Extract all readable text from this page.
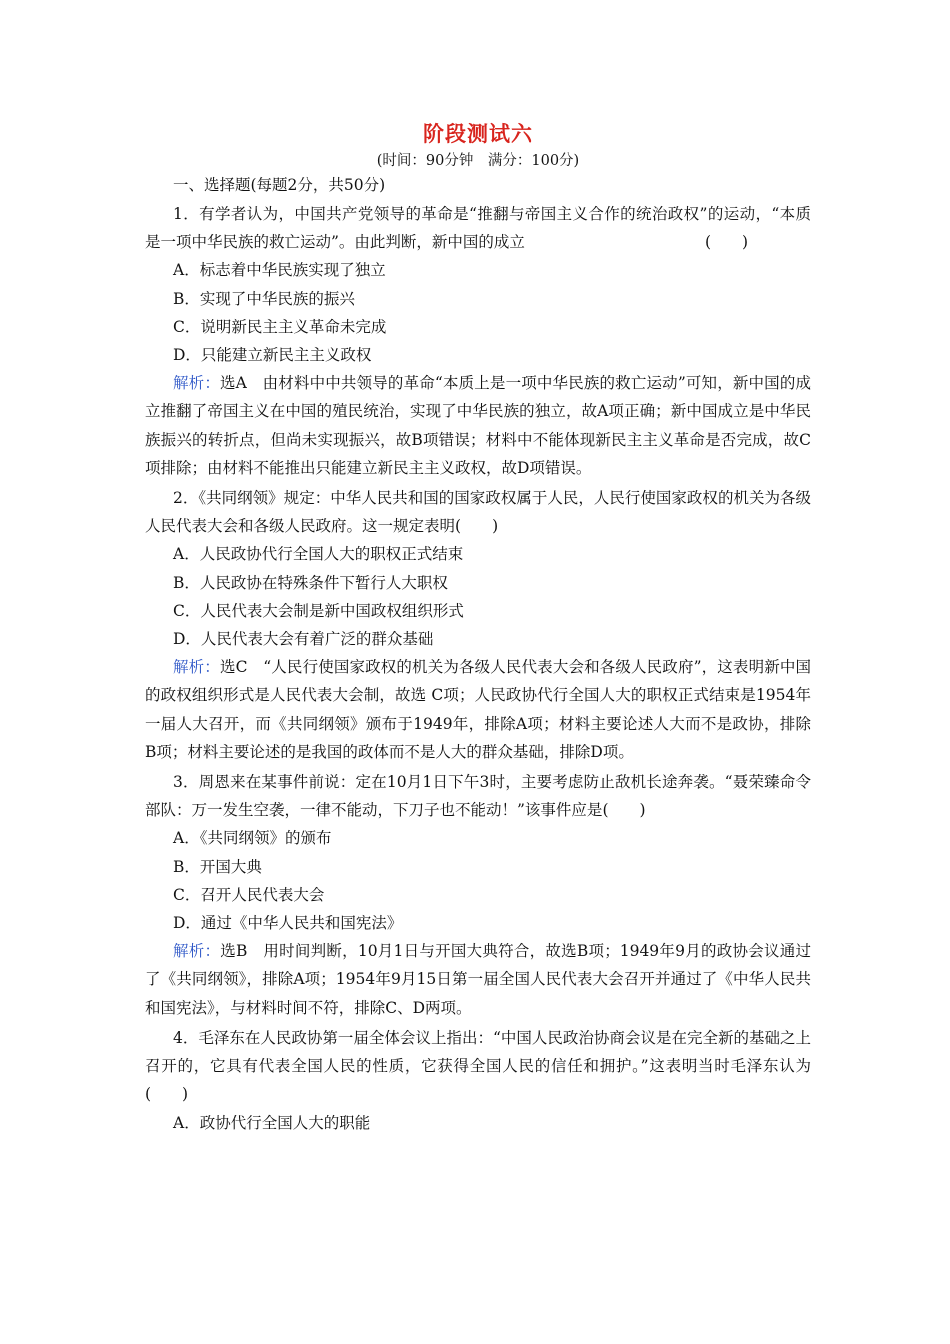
阶段测试六
(时间：90分钟　满分：100分)
一、选择题(每题2分，共50分)
1．有学者认为，中国共产党领导的革命是“推翻与帝国主义合作的统治政权”的运动，“本质是一项中华民族的救亡运动”。由此判断，新中国的成立	(　　)
A．标志着中华民族实现了独立
B．实现了中华民族的振兴
C．说明新民主主义革命未完成
D．只能建立新民主主义政权
解析：选A　由材料中中共领导的革命“本质上是一项中华民族的救亡运动”可知，新中国的成立推翻了帝国主义在中国的殖民统治，实现了中华民族的独立，故A项正确；新中国成立是中华民族振兴的转折点，但尚未实现振兴，故B项错误；材料中不能体现新民主主义革命是否完成，故C项排除；由材料不能推出只能建立新民主主义政权，故D项错误。
2．《共同纲领》规定：中华人民共和国的国家政权属于人民，人民行使国家政权的机关为各级人民代表大会和各级人民政府。这一规定表明(　　)
A．人民政协代行全国人大的职权正式结束
B．人民政协在特殊条件下暂行人大职权
C．人民代表大会制是新中国政权组织形式
D．人民代表大会有着广泛的群众基础
解析：选C　“人民行使国家政权的机关为各级人民代表大会和各级人民政府”，这表明新中国的政权组织形式是人民代表大会制，故选 C项；人民政协代行全国人大的职权正式结束是1954年一届人大召开，而《共同纲领》颁布于1949年，排除A项；材料主要论述人大而不是政协，排除B项；材料主要论述的是我国的政体而不是人大的群众基础，排除D项。
3．周恩来在某事件前说：定在10月1日下午3时，主要考虑防止敌机长途奔袭。“聂荣臻命令部队：万一发生空袭，一律不能动，下刀子也不能动！”该事件应是(　　)
A．《共同纲领》的颁布
B．开国大典
C．召开人民代表大会
D．通过《中华人民共和国宪法》
解析：选B　用时间判断，10月1日与开国大典符合，故选B项；1949年9月的政协会议通过了《共同纲领》，排除A项；1954年9月15日第一届全国人民代表大会召开并通过了《中华人民共和国宪法》，与材料时间不符，排除C、D两项。
4．毛泽东在人民政协第一届全体会议上指出：“中国人民政治协商会议是在完全新的基础之上召开的，它具有代表全国人民的性质，它获得全国人民的信任和拥护。”这表明当时毛泽东认为(　　)
A．政协代行全国人大的职能
